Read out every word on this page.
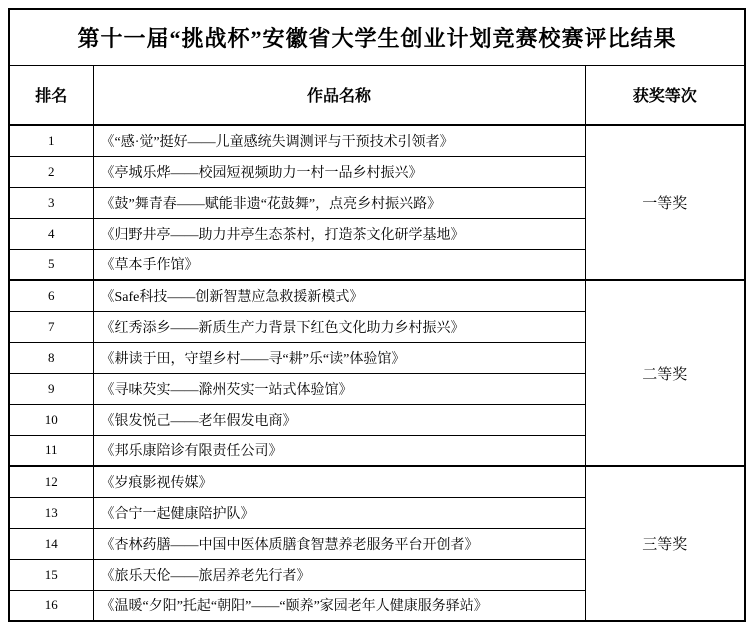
第十一届“挑战杯”安徽省大学生创业计划竞赛校赛评比结果		
排名	作品名称	获奖等次
1	《“感·觉”挺好——儿童感统失调测评与干预技术引领者》	一等奖
2	《亭城乐烨——校园短视频助力一村一品乡村振兴》	
3	《鼓”舞青春——赋能非遗“花鼓舞”，点亮乡村振兴路》	
4	《归野井亭——助力井亭生态茶村，打造茶文化研学基地》	
5	《草本手作馆》	
6	《Safe科技——创新智慧应急救援新模式》	二等奖
7	《红秀添乡——新质生产力背景下红色文化助力乡村振兴》	
8	《耕读于田，守望乡村——寻“耕”乐“读”体验馆》	
9	《寻味芡实——滁州芡实一站式体验馆》	
10	《银发悦己——老年假发电商》	
11	《邦乐康陪诊有限责任公司》	
12	《岁痕影视传媒》	三等奖
13	《合宁一起健康陪护队》	
14	《杏林药膳——中国中医体质膳食智慧养老服务平台开创者》	
15	《旅乐天伦——旅居养老先行者》	
16	《温暖“夕阳”托起“朝阳”——“颐养”家园老年人健康服务驿站》	
